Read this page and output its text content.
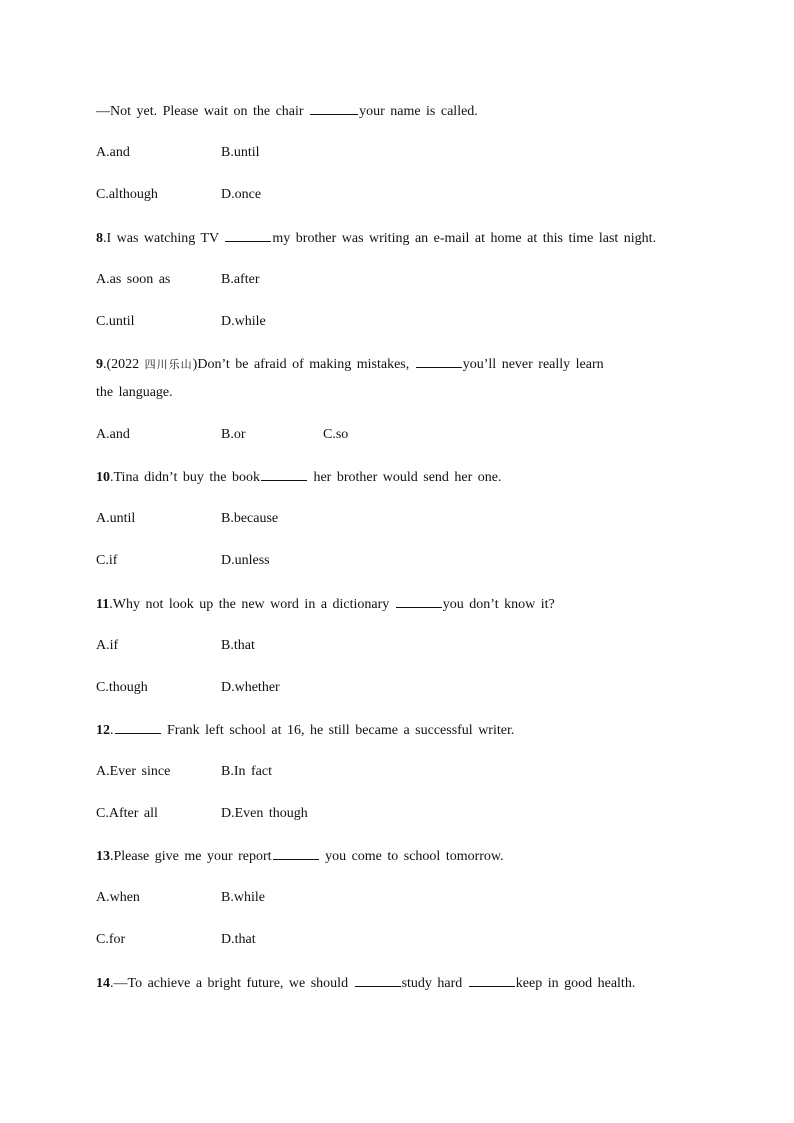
—Not yet. Please wait on the chair	your name is called.
A.and	B.until
C.although	D.once
8.I was watching TV	my brother was writing an e-mail at home at this time last night.
A.as soon as	B.after
C.until	D.while
9.(2022 四川乐山)Don’t be afraid of making mistakes,	you’ll never really learn
the language.
A.and	B.or	C.so
10.Tina didn’t buy the book	her brother would send her one.
A.until	B.because
C.if	D.unless
11.Why not look up the new word in a dictionary	you don’t know it?
A.if	B.that
C.though	D.whether
12.	Frank left school at 16, he still became a successful writer.
A.Ever since	B.In fact
C.After all	D.Even though
13.Please give me your report	you come to school tomorrow.
A.when	B.while
C.for	D.that
14.—To achieve a bright future, we should	study hard	keep in good health.
